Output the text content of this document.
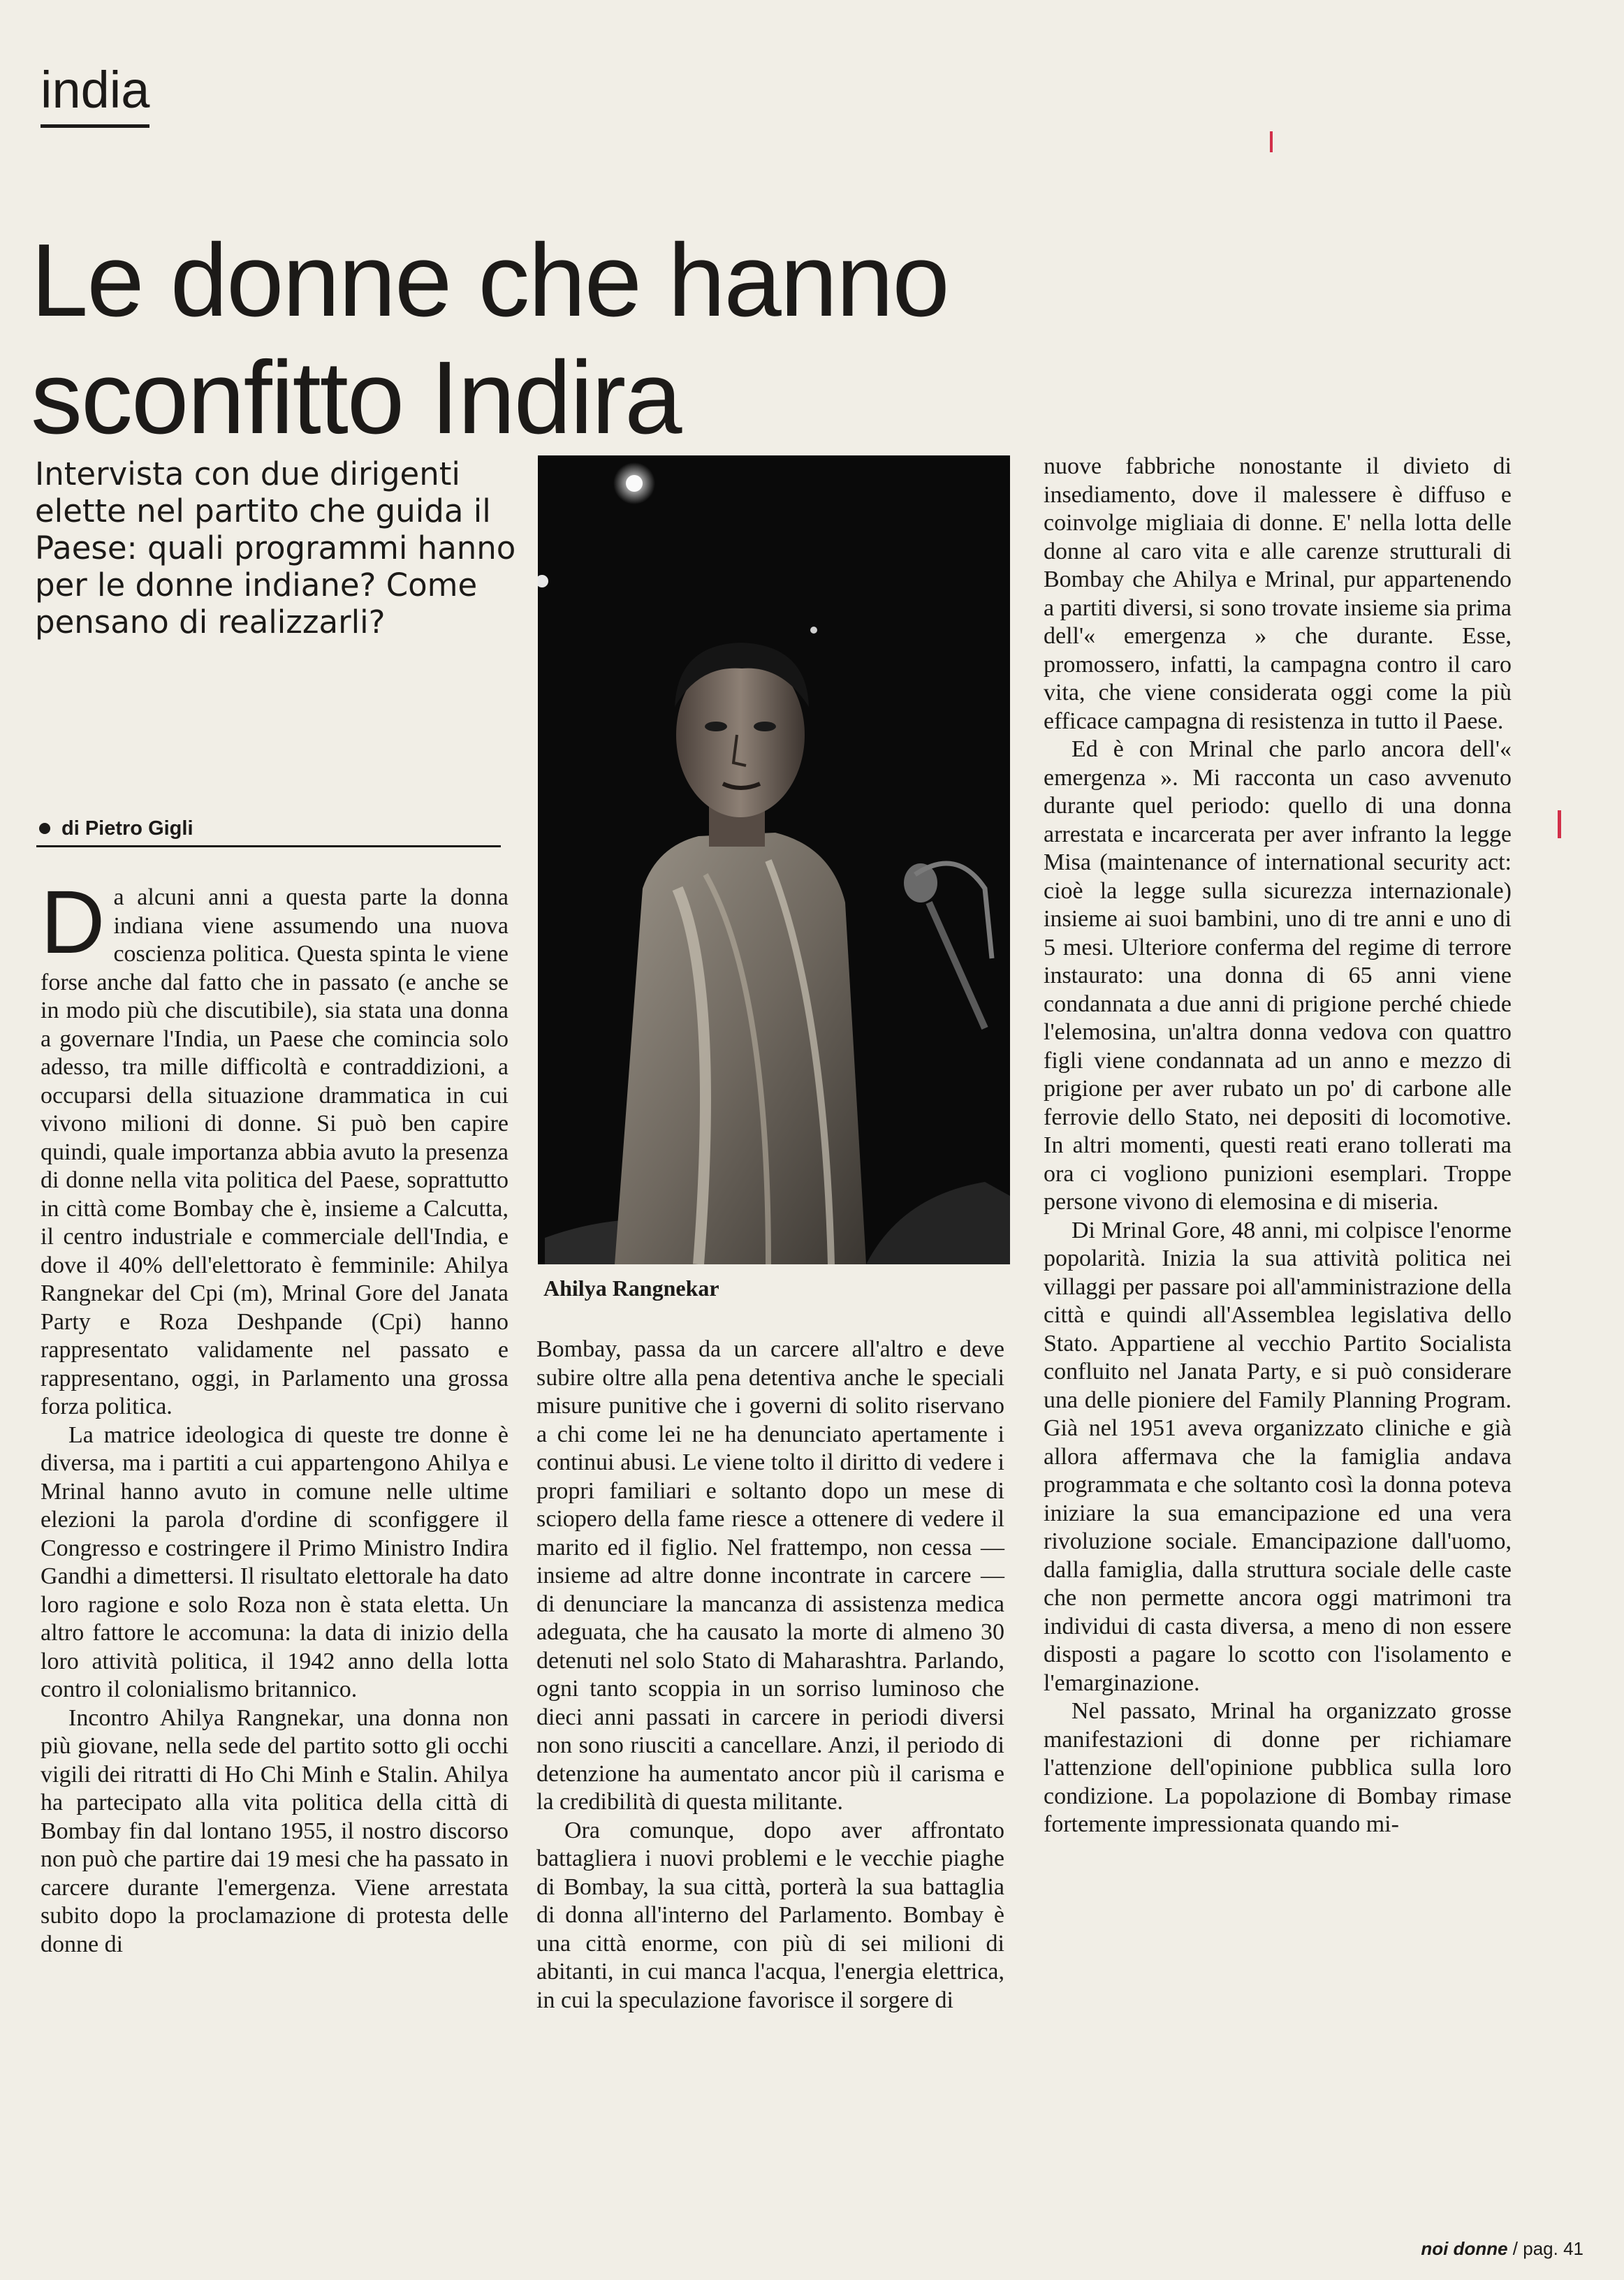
india
Le donne che hanno sconfitto Indira

Intervista con due dirigenti elette nel partito che guida il Paese: quali programmi hanno per le donne indiane? Come pensano di realizzarli?

di Pietro Gigli

Da alcuni anni a questa parte la donna indiana viene assumendo una nuova coscienza politica. Questa spinta le viene forse anche dal fatto che in passato (e anche se in modo più che discutibile), sia stata una donna a governare l'India, un Paese che comincia solo adesso, tra mille difficoltà e contraddizioni, a occuparsi della situazione drammatica in cui vivono milioni di donne. Si può ben capire quindi, quale importanza abbia avuto la presenza di donne nella vita politica del Paese, soprattutto in città come Bombay che è, insieme a Calcutta, il centro industriale e commerciale dell'India, e dove il 40% dell'elettorato è femminile: Ahilya Rangnekar del Cpi (m), Mrinal Gore del Janata Party e Roza Deshpande (Cpi) hanno rappresentato validamente nel passato e rappresentano, oggi, in Parlamento una grossa forza politica.

La matrice ideologica di queste tre donne è diversa, ma i partiti a cui appartengono Ahilya e Mrinal hanno avuto in comune nelle ultime elezioni la parola d'ordine di sconfiggere il Congresso e costringere il Primo Ministro Indira Gandhi a dimettersi. Il risultato elettorale ha dato loro ragione e solo Roza non è stata eletta. Un altro fattore le accomuna: la data di inizio della loro attività politica, il 1942 anno della lotta contro il colonialismo britannico.

Incontro Ahilya Rangnekar, una donna non più giovane, nella sede del partito sotto gli occhi vigili dei ritratti di Ho Chi Minh e Stalin. Ahilya ha partecipato alla vita politica della città di Bombay fin dal lontano 1955, il nostro discorso non può che partire dai 19 mesi che ha passato in carcere durante l'emergenza. Viene arrestata subito dopo la proclamazione di protesta delle donne di

Ahilya Rangnekar

Bombay, passa da un carcere all'altro e deve subire oltre alla pena detentiva anche le speciali misure punitive che i governi di solito riservano a chi come lei ne ha denunciato apertamente i continui abusi. Le viene tolto il diritto di vedere i propri familiari e soltanto dopo un mese di sciopero della fame riesce a ottenere di vedere il marito ed il figlio. Nel frattempo, non cessa — insieme ad altre donne incontrate in carcere — di denunciare la mancanza di assistenza medica adeguata, che ha causato la morte di almeno 30 detenuti nel solo Stato di Maharashtra. Parlando, ogni tanto scoppia in un sorriso luminoso che dieci anni passati in carcere in periodi diversi non sono riusciti a cancellare. Anzi, il periodo di detenzione ha aumentato ancor più il carisma e la credibilità di questa militante.

Ora comunque, dopo aver affrontato battagliera i nuovi problemi e le vecchie piaghe di Bombay, la sua città, porterà la sua battaglia di donna all'interno del Parlamento. Bombay è una città enorme, con più di sei milioni di abitanti, in cui manca l'acqua, l'energia elettrica, in cui la speculazione favorisce il sorgere di

nuove fabbriche nonostante il divieto di insediamento, dove il malessere è diffuso e coinvolge migliaia di donne. E' nella lotta delle donne al caro vita e alle carenze strutturali di Bombay che Ahilya e Mrinal, pur appartenendo a partiti diversi, si sono trovate insieme sia prima dell'« emergenza » che durante. Esse, promossero, infatti, la campagna contro il caro vita, che viene considerata oggi come la più efficace campagna di resistenza in tutto il Paese.

Ed è con Mrinal che parlo ancora dell'« emergenza ». Mi racconta un caso avvenuto durante quel periodo: quello di una donna arrestata e incarcerata per aver infranto la legge Misa (maintenance of international security act: cioè la legge sulla sicurezza internazionale) insieme ai suoi bambini, uno di tre anni e uno di 5 mesi. Ulteriore conferma del regime di terrore instaurato: una donna di 65 anni viene condannata a due anni di prigione perché chiede l'elemosina, un'altra donna vedova con quattro figli viene condannata ad un anno e mezzo di prigione per aver rubato un po' di carbone alle ferrovie dello Stato, nei depositi di locomotive. In altri momenti, questi reati erano tollerati ma ora ci vogliono punizioni esemplari. Troppe persone vivono di elemosina e di miseria.

Di Mrinal Gore, 48 anni, mi colpisce l'enorme popolarità. Inizia la sua attività politica nei villaggi per passare poi all'amministrazione della città e quindi all'Assemblea legislativa dello Stato. Appartiene al vecchio Partito Socialista confluito nel Janata Party, e si può considerare una delle pioniere del Family Planning Program. Già nel 1951 aveva organizzato cliniche e già allora affermava che la famiglia andava programmata e che soltanto così la donna poteva iniziare la sua emancipazione ed una vera rivoluzione sociale. Emancipazione dall'uomo, dalla famiglia, dalla struttura sociale delle caste che non permette ancora oggi matrimoni tra individui di casta diversa, a meno di non essere disposti a pagare lo scotto con l'isolamento e l'emarginazione.

Nel passato, Mrinal ha organizzato grosse manifestazioni di donne per richiamare l'attenzione dell'opinione pubblica sulla loro condizione. La popolazione di Bombay rimase fortemente impressionata quando mi-

noi donne / pag. 41
